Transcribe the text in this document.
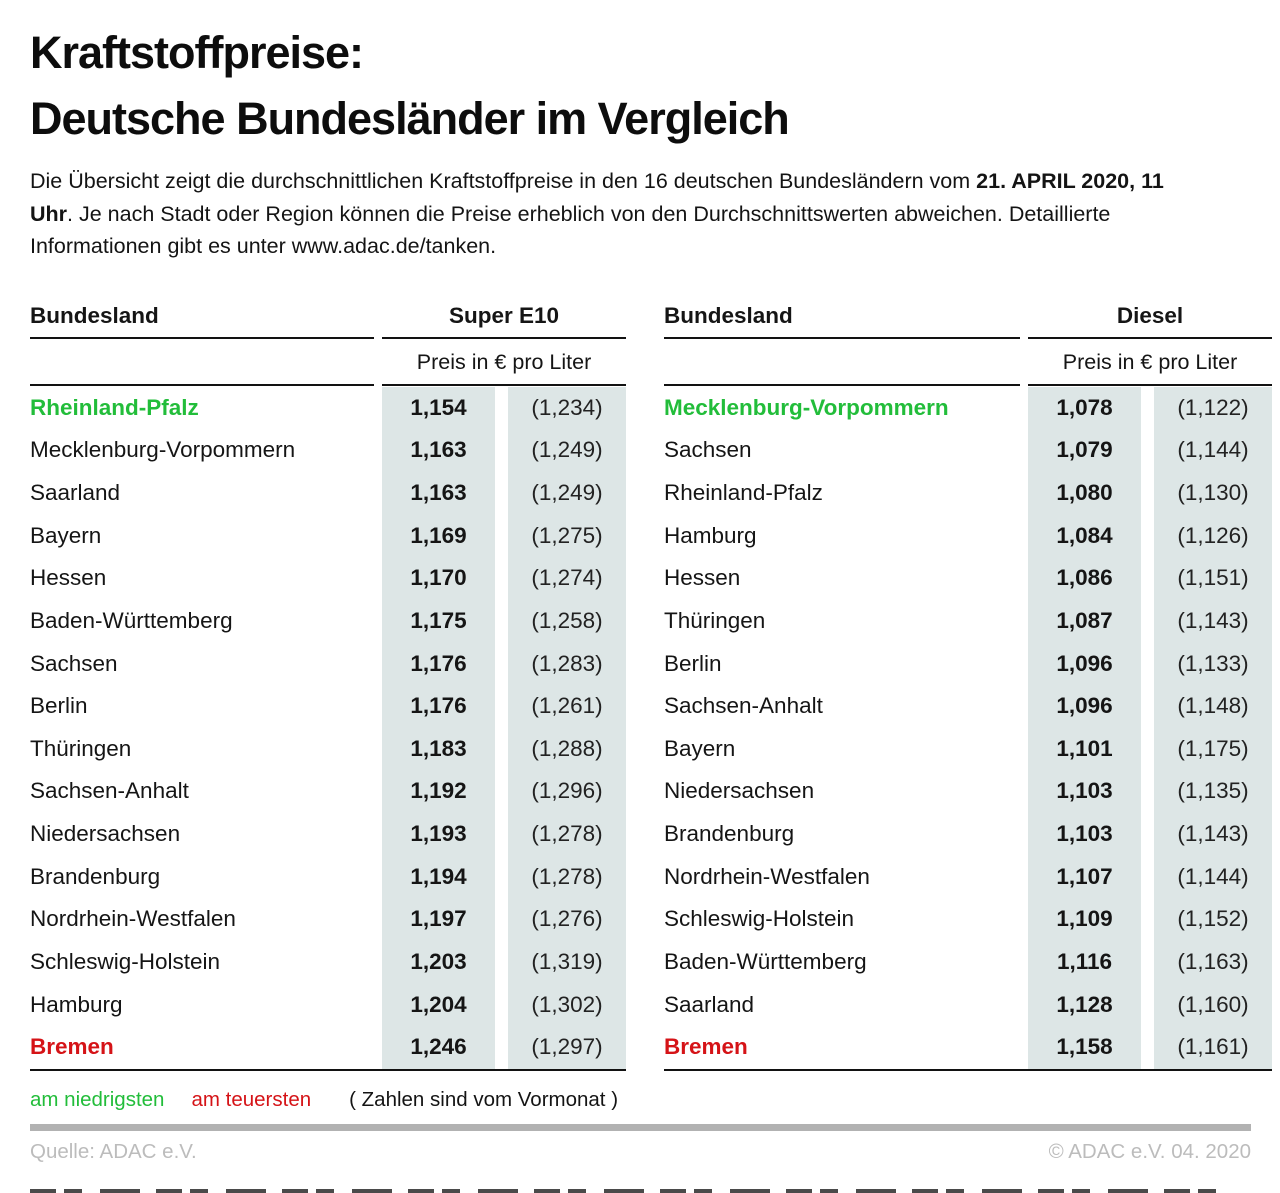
Kraftstoffpreise:
Deutsche Bundesländer im Vergleich

Die Übersicht zeigt die durchschnittlichen Kraftstoffpreise in den 16 deutschen Bundesländern vom 21. APRIL 2020, 11 Uhr. Je nach Stadt oder Region können die Preise erheblich von den Durchschnittswerten abweichen. Detaillierte Informationen gibt es unter www.adac.de/tanken.

Bundesland	Super E10
Preis in € pro Liter
Rheinland-Pfalz	1,154	(1,234)
Mecklenburg-Vorpommern	1,163	(1,249)
Saarland	1,163	(1,249)
Bayern	1,169	(1,275)
Hessen	1,170	(1,274)
Baden-Württemberg	1,175	(1,258)
Sachsen	1,176	(1,283)
Berlin	1,176	(1,261)
Thüringen	1,183	(1,288)
Sachsen-Anhalt	1,192	(1,296)
Niedersachsen	1,193	(1,278)
Brandenburg	1,194	(1,278)
Nordrhein-Westfalen	1,197	(1,276)
Schleswig-Holstein	1,203	(1,319)
Hamburg	1,204	(1,302)
Bremen	1,246	(1,297)
Bundesland	Diesel
Preis in € pro Liter
Mecklenburg-Vorpommern	1,078	(1,122)
Sachsen	1,079	(1,144)
Rheinland-Pfalz	1,080	(1,130)
Hamburg	1,084	(1,126)
Hessen	1,086	(1,151)
Thüringen	1,087	(1,143)
Berlin	1,096	(1,133)
Sachsen-Anhalt	1,096	(1,148)
Bayern	1,101	(1,175)
Niedersachsen	1,103	(1,135)
Brandenburg	1,103	(1,143)
Nordrhein-Westfalen	1,107	(1,144)
Schleswig-Holstein	1,109	(1,152)
Baden-Württemberg	1,116	(1,163)
Saarland	1,128	(1,160)
Bremen	1,158	(1,161)
am niedrigsten am teuersten ( Zahlen sind vom Vormonat )
Quelle: ADAC e.V.	© ADAC e.V. 04. 2020
